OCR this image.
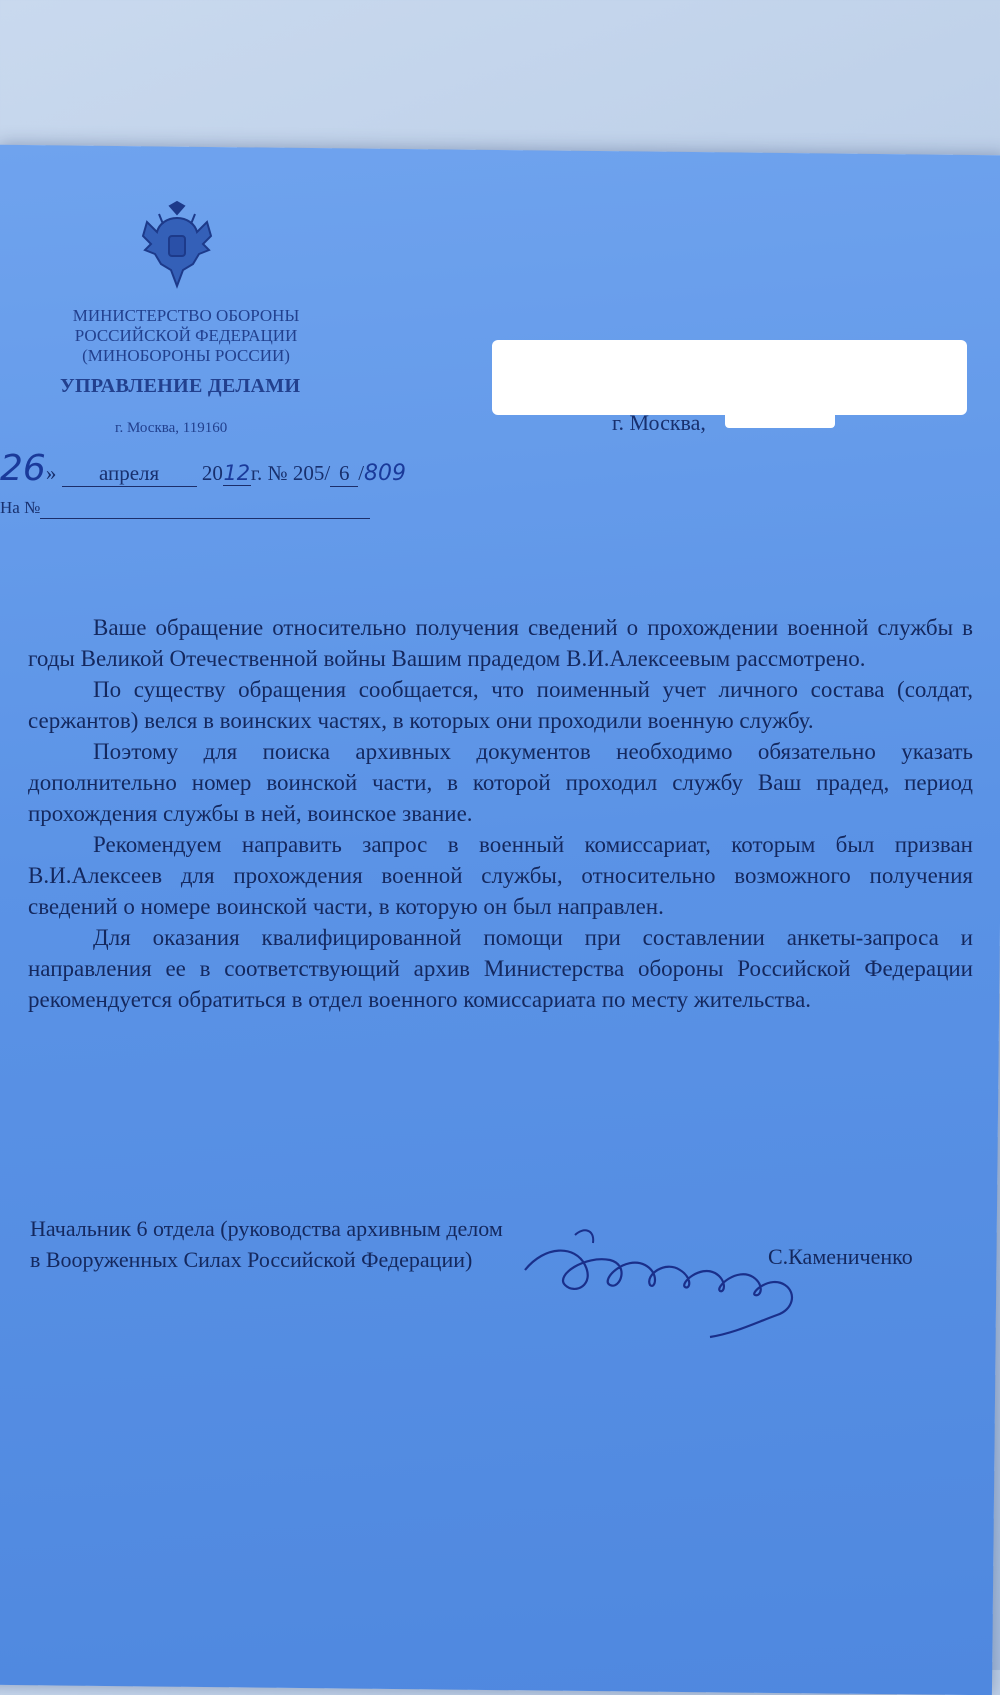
МИНИСТЕРСТВО ОБОРОНЫ
РОССИЙСКОЙ ФЕДЕРАЦИИ
(МИНОБОРОНЫ РОССИИ)
УПРАВЛЕНИЕ ДЕЛАМИ
г. Москва, 119160
26» апреля 2012г. № 205/ 6 /809
На №
г. Москва,

Ваше обращение относительно получения сведений о прохождении военной службы в годы Великой Отечественной войны Вашим прадедом В.И.Алексеевым рассмотрено.

По существу обращения сообщается, что поименный учет личного состава (солдат, сержантов) велся в воинских частях, в которых они проходили военную службу.

Поэтому для поиска архивных документов необходимо обязательно указать дополнительно номер воинской части, в которой проходил службу Ваш прадед, период прохождения службы в ней, воинское звание.

Рекомендуем направить запрос в военный комиссариат, которым был призван В.И.Алексеев для прохождения военной службы, относительно возможного получения сведений о номере воинской части, в которую он был направлен.

Для оказания квалифицированной помощи при составлении анкеты-запроса и направления ее в соответствующий архив Министерства обороны Российской Федерации рекомендуется обратиться в отдел военного комиссариата по месту жительства.

Начальник 6 отдела (руководства архивным делом
в Вооруженных Силах Российской Федерации)	С.Камениченко
